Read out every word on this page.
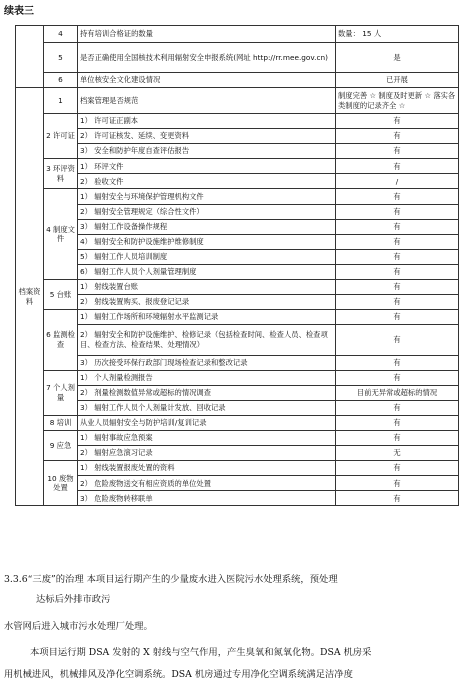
续表三
	4	持有培训合格证的数量	数量： 15 人
	5	是否正确使用全国核技术利用辐射安全申报系统(网址 http://rr.mee.gov.cn)	是
	6	单位核安全文化建设情况	已开展
档案资料	1	档案管理是否规范	制度完善 ☆ 制度及时更新 ☆ 落实各类制度的记录齐全 ☆
	2 许可证	1） 许可证正副本	有
		2） 许可证核发、延续、变更资料	有
		3） 安全和防护年度自查评估报告	有
	3 环评资料	1） 环评文件	有
		2） 验收文件	/
	4 制度文件	1） 辐射安全与环境保护管理机构文件	有
		2） 辐射安全管理规定（综合性文件）	有
		3） 辐射工作设备操作规程	有
		4） 辐射安全和防护设施维护维修制度	有
		5） 辐射工作人员培训制度	有
		6） 辐射工作人员个人剂量管理制度	有
	5 台账	1） 射线装置台账	有
		2） 射线装置购买、报废登记记录	有
	6 监测检查	1） 辐射工作场所和环境辐射水平监测记录	有
		2） 辐射安全和防护设施维护、检修记录（包括检查时间、检查人员、检查项目、检查方法、检查结果、处理情况）	有
		3） 历次接受环保行政部门现场检查记录和整改记录	有
	7 个人剂量	1） 个人剂量检测报告	有
		2） 剂量检测数值异常或超标的情况调查	目前无异常或超标的情况
		3） 辐射工作人员个人剂量计发放、回收记录	有
	8 培训	从业人员辐射安全与防护培训/复训记录	有
	9 应急	1） 辐射事故应急预案	有
		2） 辐射应急演习记录	无
	10 废物处置	1） 射线装置报废处置的资料	有
		2） 危险废物送交有相应资质的单位处置	有
		3） 危险废物转移联单	有
3.3.6“三废”的治理 本项目运行期产生的少量废水进入医院污水处理系统，预处理
达标后外排市政污
水管网后进入城市污水处理厂处理。
本项目运行期 DSA 发射的 X 射线与空气作用，产生臭氧和氮氧化物。DSA 机房采
用机械进风，机械排风及净化空调系统。DSA 机房通过专用净化空调系统满足洁净度
